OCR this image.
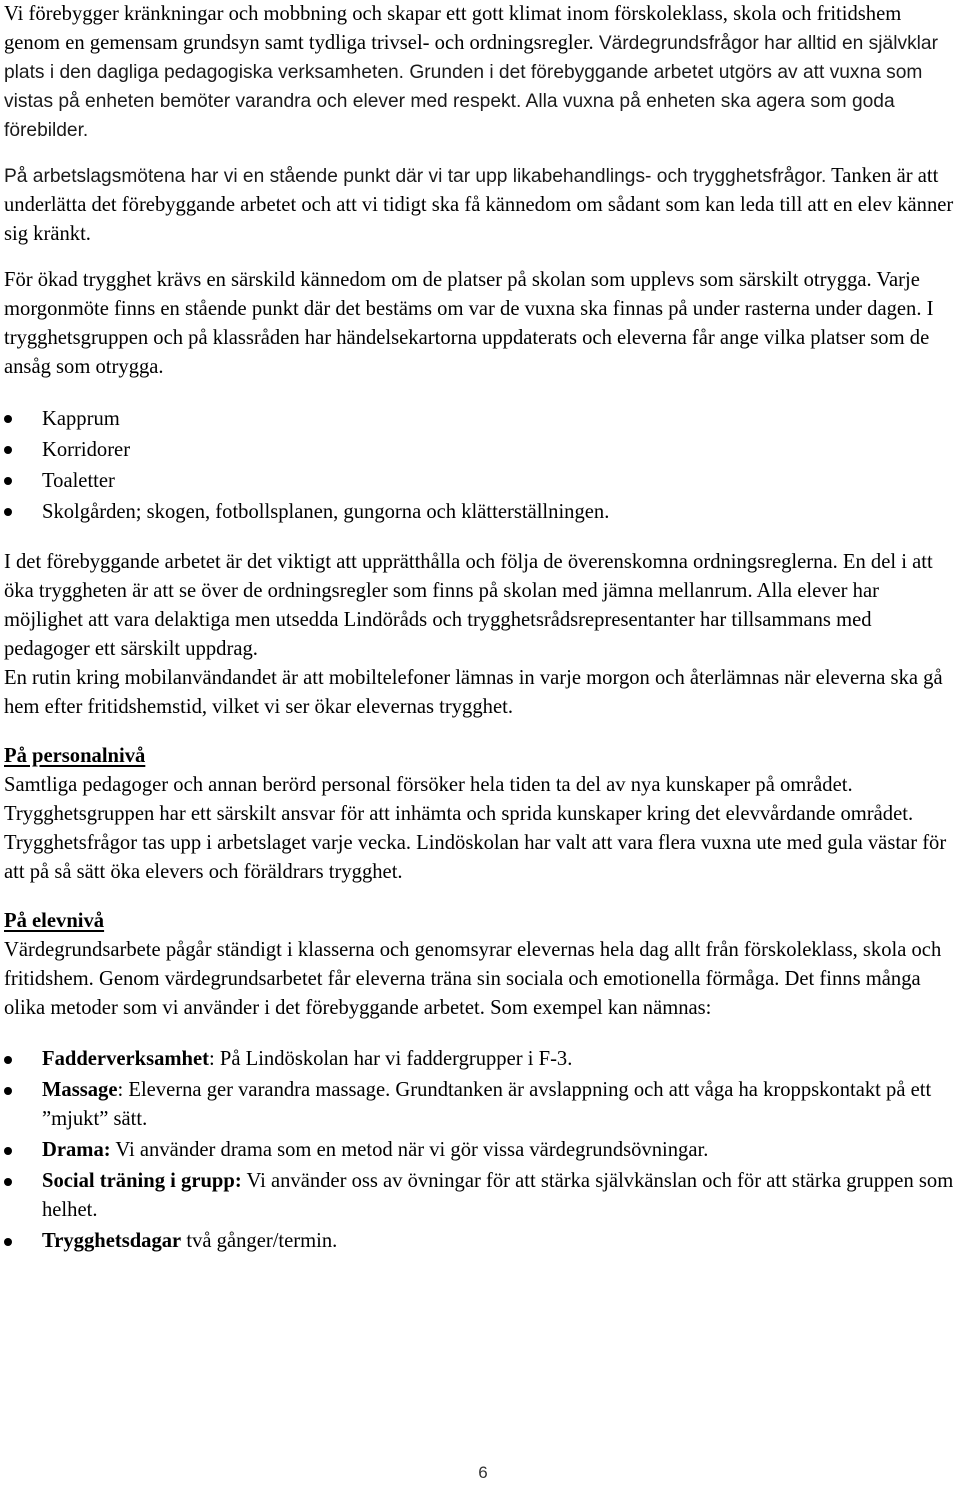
Vi förebygger kränkningar och mobbning och skapar ett gott klimat inom förskoleklass, skola och fritidshem genom en gemensam grundsyn samt tydliga trivsel- och ordningsregler. Värdegrundsfrågor har alltid en självklar plats i den dagliga pedagogiska verksamheten. Grunden i det förebyggande arbetet utgörs av att vuxna som vistas på enheten bemöter varandra och elever med respekt. Alla vuxna på enheten ska agera som goda förebilder.

På arbetslagsmötena har vi en stående punkt där vi tar upp likabehandlings- och trygghetsfrågor. Tanken är att underlätta det förebyggande arbetet och att vi tidigt ska få kännedom om sådant som kan leda till att en elev känner sig kränkt.

För ökad trygghet krävs en särskild kännedom om de platser på skolan som upplevs som särskilt otrygga. Varje morgonmöte finns en stående punkt där det bestäms om var de vuxna ska finnas på under rasterna under dagen. I trygghetsgruppen och på klassråden har händelsekartorna uppdaterats och eleverna får ange vilka platser som de ansåg som otrygga.

Kapprum
Korridorer
Toaletter
Skolgården; skogen, fotbollsplanen, gungorna och klätterställningen.

I det förebyggande arbetet är det viktigt att upprätthålla och följa de överenskomna ordningsreglerna. En del i att öka tryggheten är att se över de ordningsregler som finns på skolan med jämna mellanrum. Alla elever har möjlighet att vara delaktiga men utsedda Lindöråds och trygghetsrådsrepresentanter har tillsammans med pedagoger ett särskilt uppdrag.

En rutin kring mobilanvändandet är att mobiltelefoner lämnas in varje morgon och återlämnas när eleverna ska gå hem efter fritidshemstid, vilket vi ser ökar elevernas trygghet.

På personalnivå

Samtliga pedagoger och annan berörd personal försöker hela tiden ta del av nya kunskaper på området. Trygghetsgruppen har ett särskilt ansvar för att inhämta och sprida kunskaper kring det elevvårdande området. Trygghetsfrågor tas upp i arbetslaget varje vecka. Lindöskolan har valt att vara flera vuxna ute med gula västar för att på så sätt öka elevers och föräldrars trygghet.

På elevnivå

Värdegrundsarbete pågår ständigt i klasserna och genomsyrar elevernas hela dag allt från förskoleklass, skola och fritidshem. Genom värdegrundsarbetet får eleverna träna sin sociala och emotionella förmåga. Det finns många olika metoder som vi använder i det förebyggande arbetet. Som exempel kan nämnas:

Fadderverksamhet: På Lindöskolan har vi faddergrupper i F-3.
Massage: Eleverna ger varandra massage. Grundtanken är avslappning och att våga ha kroppskontakt på ett ”mjukt” sätt.
Drama: Vi använder drama som en metod när vi gör vissa värdegrundsövningar.
Social träning i grupp: Vi använder oss av övningar för att stärka självkänslan och för att stärka gruppen som helhet.
Trygghetsdagar två gånger/termin.
6
